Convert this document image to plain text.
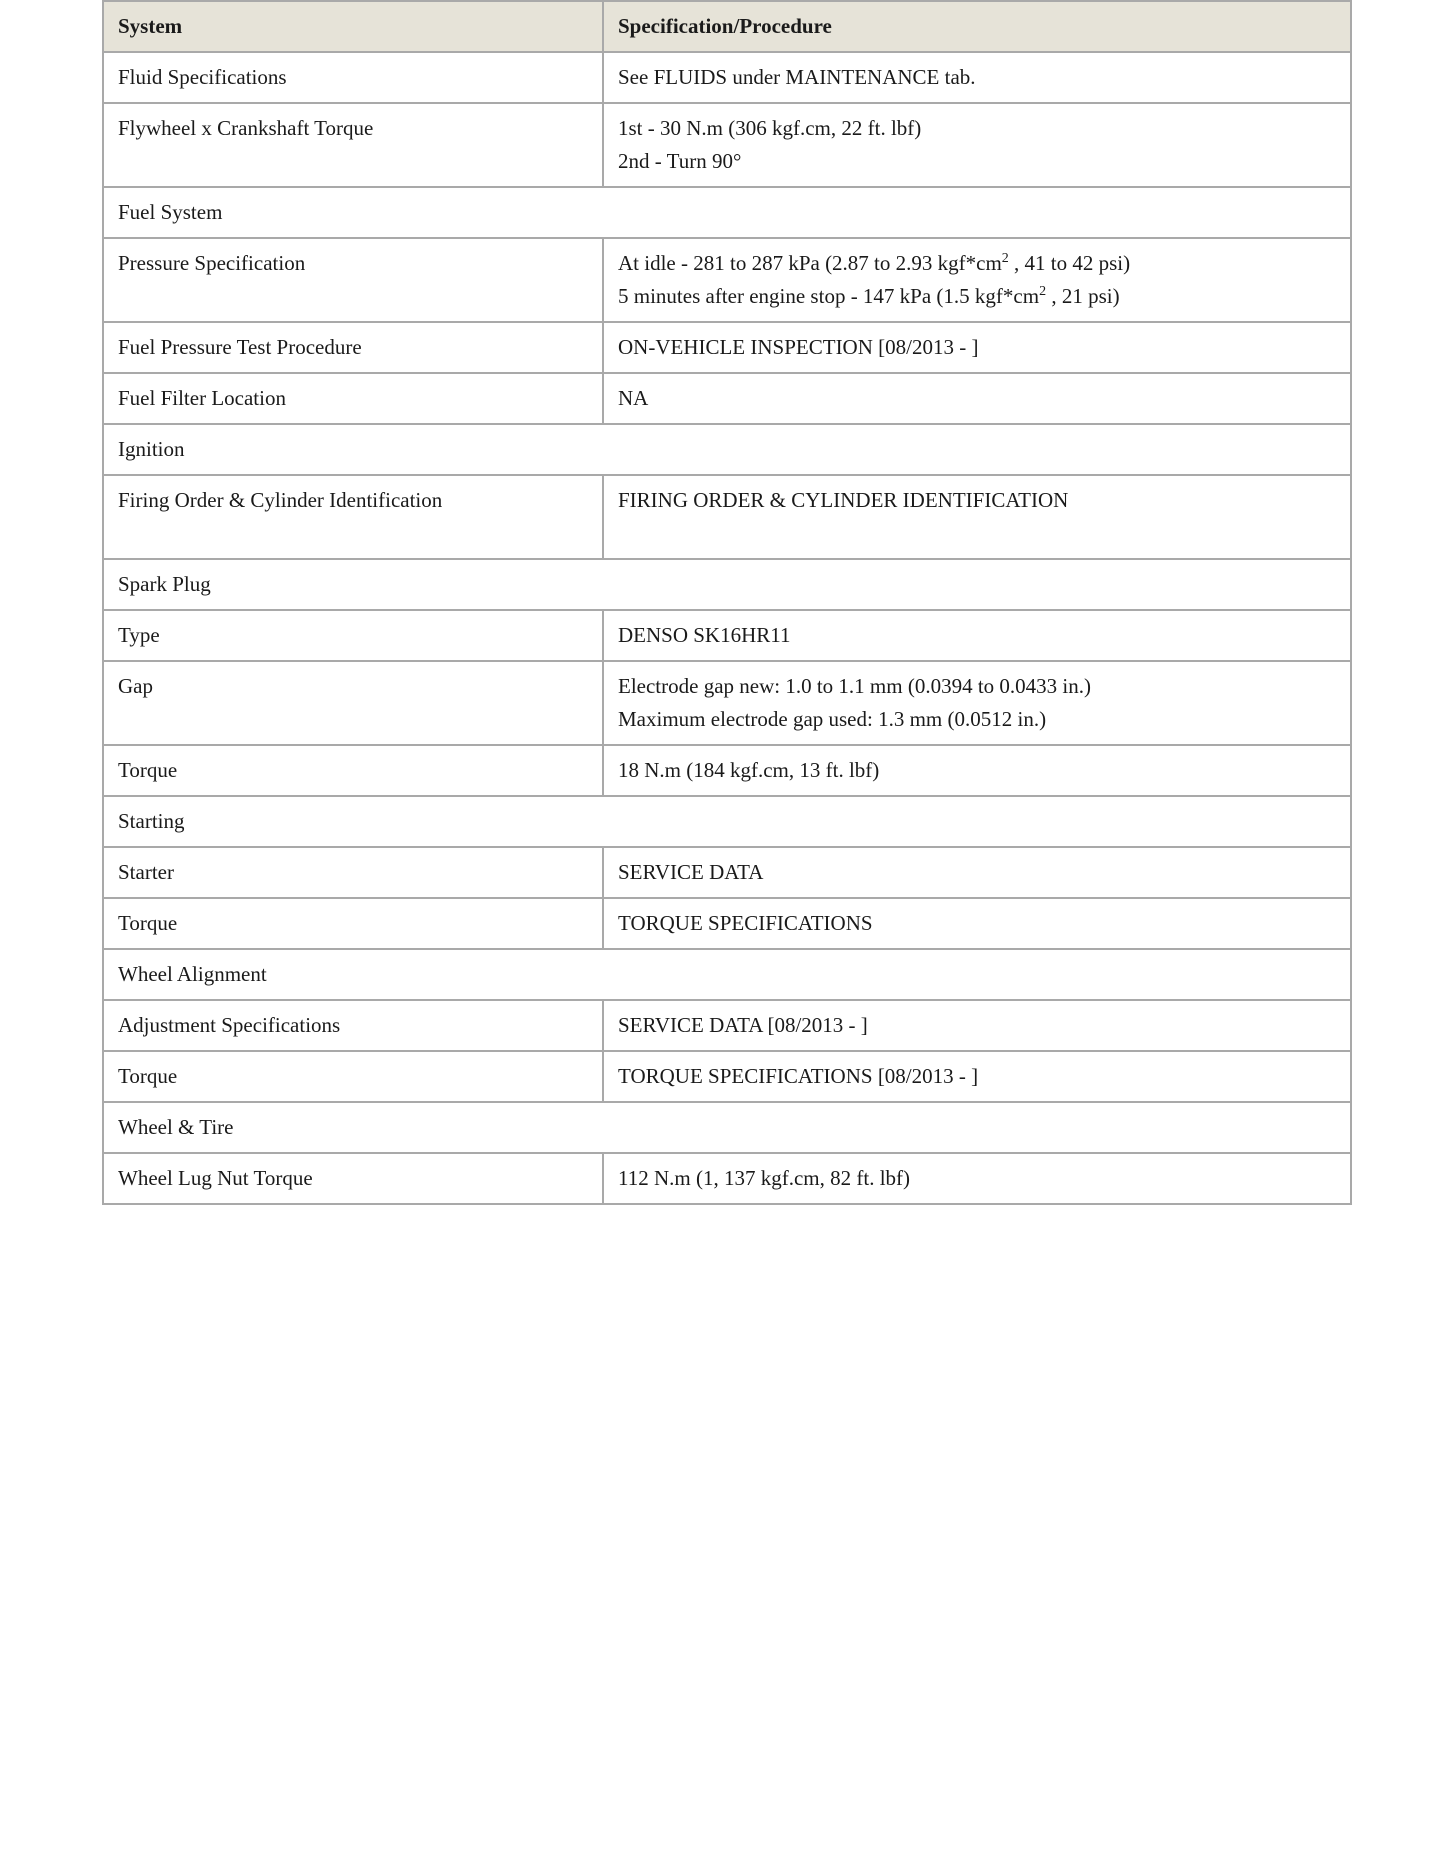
System	Specification/Procedure
Fluid Specifications	See FLUIDS under MAINTENANCE tab.
Flywheel x Crankshaft Torque	1st - 30 N.m (306 kgf.cm, 22 ft. lbf)
2nd - Turn 90°

Fuel System	
Pressure Specification	At idle - 281 to 287 kPa (2.87 to 2.93 $kgf*cm^2$ , 41 to 42 psi)
5 minutes after engine stop - 147 kPa (1.5 $kgf*cm^2$ , 21 psi)

Fuel Pressure Test Procedure	ON-VEHICLE INSPECTION [08/2013 - ]
Fuel Filter Location	NA
Ignition	
Firing Order & Cylinder Identification	FIRING ORDER & CYLINDER IDENTIFICATION
Spark Plug	
Type	DENSO SK16HR11
Gap	Electrode gap new: 1.0 to 1.1 mm (0.0394 to 0.0433 in.)
Maximum electrode gap used: 1.3 mm (0.0512 in.)

Torque	18 N.m (184 kgf.cm, 13 ft. lbf)
Starting	
Starter	SERVICE DATA
Torque	TORQUE SPECIFICATIONS
Wheel Alignment	
Adjustment Specifications	SERVICE DATA [08/2013 - ]
Torque	TORQUE SPECIFICATIONS [08/2013 - ]
Wheel & Tire	
Wheel Lug Nut Torque	112 N.m (1, 137 kgf.cm, 82 ft. lbf)
